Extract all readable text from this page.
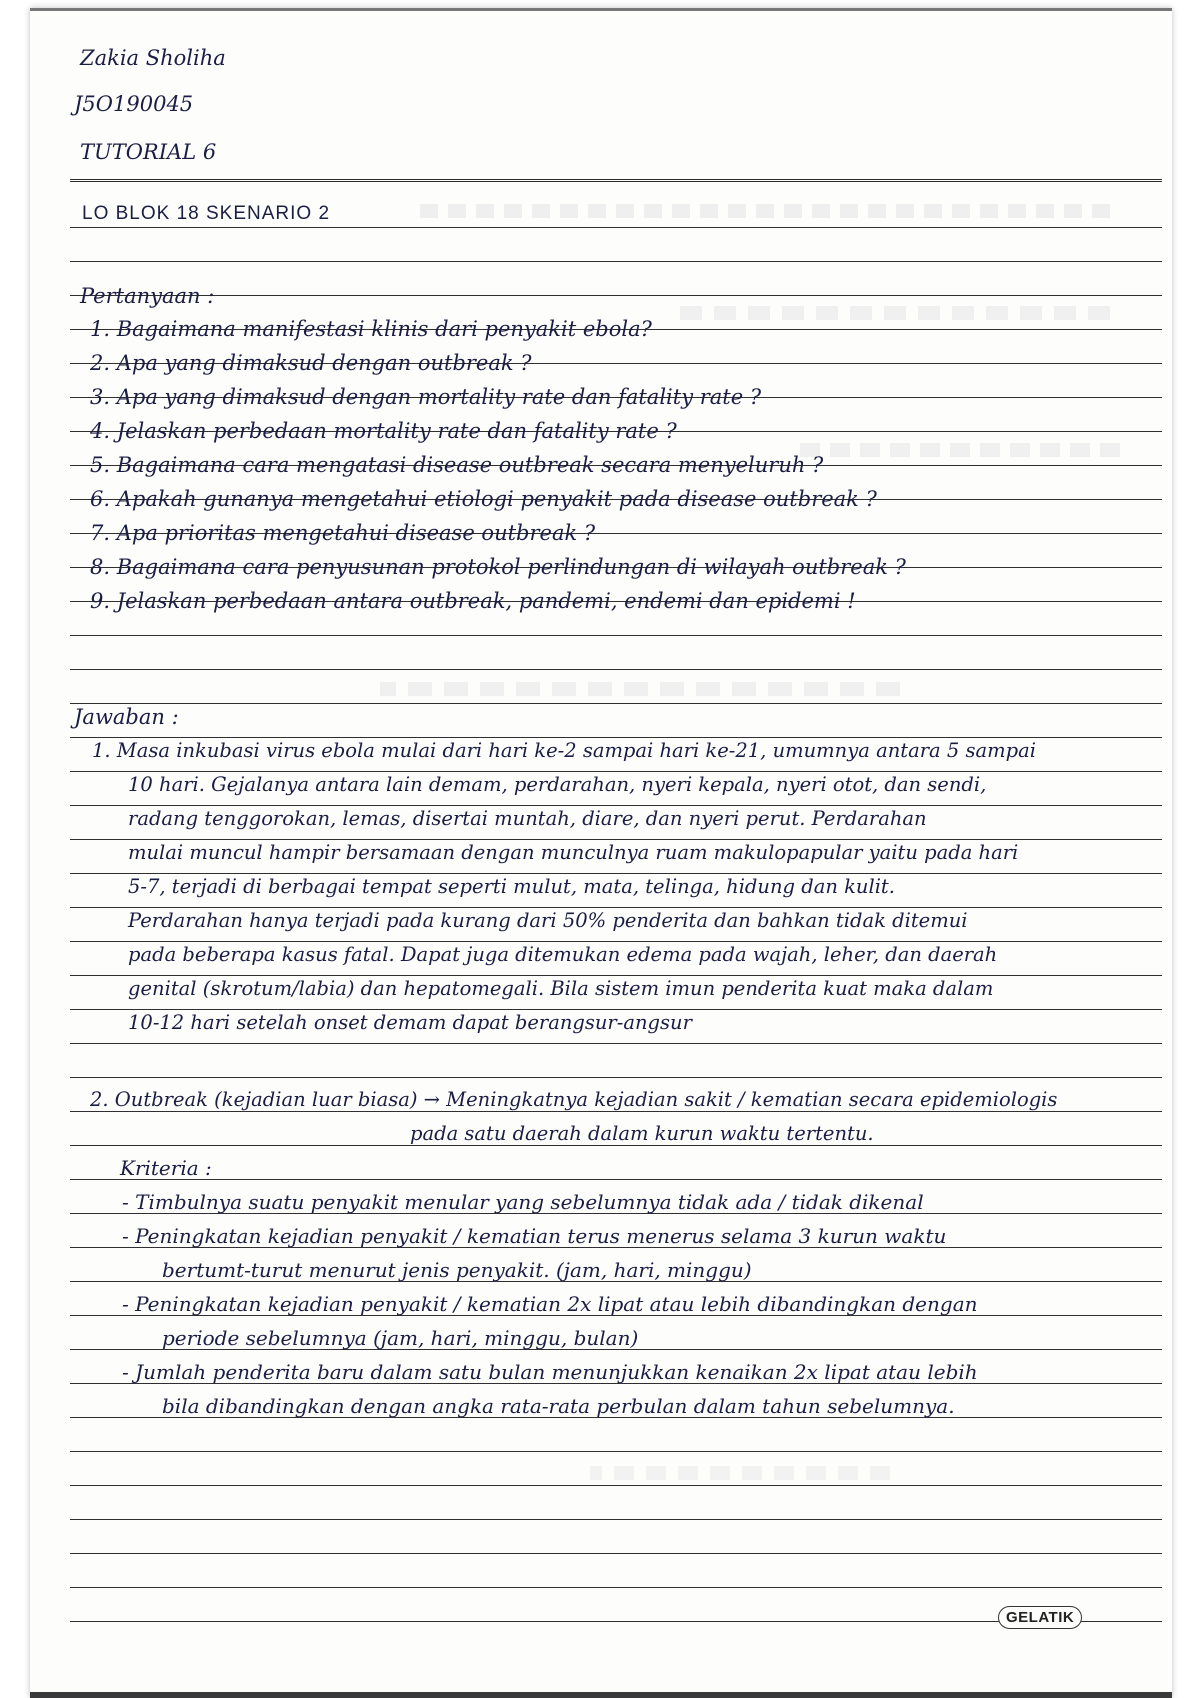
Zakia Sholiha

J5O190045

TUTORIAL 6

LO BLOK 18 SKENARIO 2

Pertanyaan :

1. Bagaimana manifestasi klinis dari penyakit ebola?

2. Apa yang dimaksud dengan outbreak ?

3. Apa yang dimaksud dengan mortality rate dan fatality rate ?

4. Jelaskan perbedaan mortality rate dan fatality rate ?

5. Bagaimana cara mengatasi disease outbreak secara menyeluruh ?

6. Apakah gunanya mengetahui etiologi penyakit pada disease outbreak ?

7. Apa prioritas mengetahui disease outbreak ?

8. Bagaimana cara penyusunan protokol perlindungan di wilayah outbreak ?

9. Jelaskan perbedaan antara outbreak, pandemi, endemi dan epidemi !

Jawaban :

1. Masa inkubasi virus ebola mulai dari hari ke-2 sampai hari ke-21, umumnya antara 5 sampai

10 hari. Gejalanya antara lain demam, perdarahan, nyeri kepala, nyeri otot, dan sendi,

radang tenggorokan, lemas, disertai muntah, diare, dan nyeri perut. Perdarahan

mulai muncul hampir bersamaan dengan munculnya ruam makulopapular yaitu pada hari

5-7, terjadi di berbagai tempat seperti mulut, mata, telinga, hidung dan kulit.

Perdarahan hanya terjadi pada kurang dari 50% penderita dan bahkan tidak ditemui

pada beberapa kasus fatal. Dapat juga ditemukan edema pada wajah, leher, dan daerah

genital (skrotum/labia) dan hepatomegali. Bila sistem imun penderita kuat maka dalam

10-12 hari setelah onset demam dapat berangsur-angsur

2. Outbreak (kejadian luar biasa) → Meningkatnya kejadian sakit / kematian secara epidemiologis

pada satu daerah dalam kurun waktu tertentu.

Kriteria :

- Timbulnya suatu penyakit menular yang sebelumnya tidak ada / tidak dikenal

- Peningkatan kejadian penyakit / kematian terus menerus selama 3 kurun waktu

bertumt-turut menurut jenis penyakit. (jam, hari, minggu)

- Peningkatan kejadian penyakit / kematian 2x lipat atau lebih dibandingkan dengan

periode sebelumnya (jam, hari, minggu, bulan)

- Jumlah penderita baru dalam satu bulan menunjukkan kenaikan 2x lipat atau lebih

bila dibandingkan dengan angka rata-rata perbulan dalam tahun sebelumnya.

GELATIK
